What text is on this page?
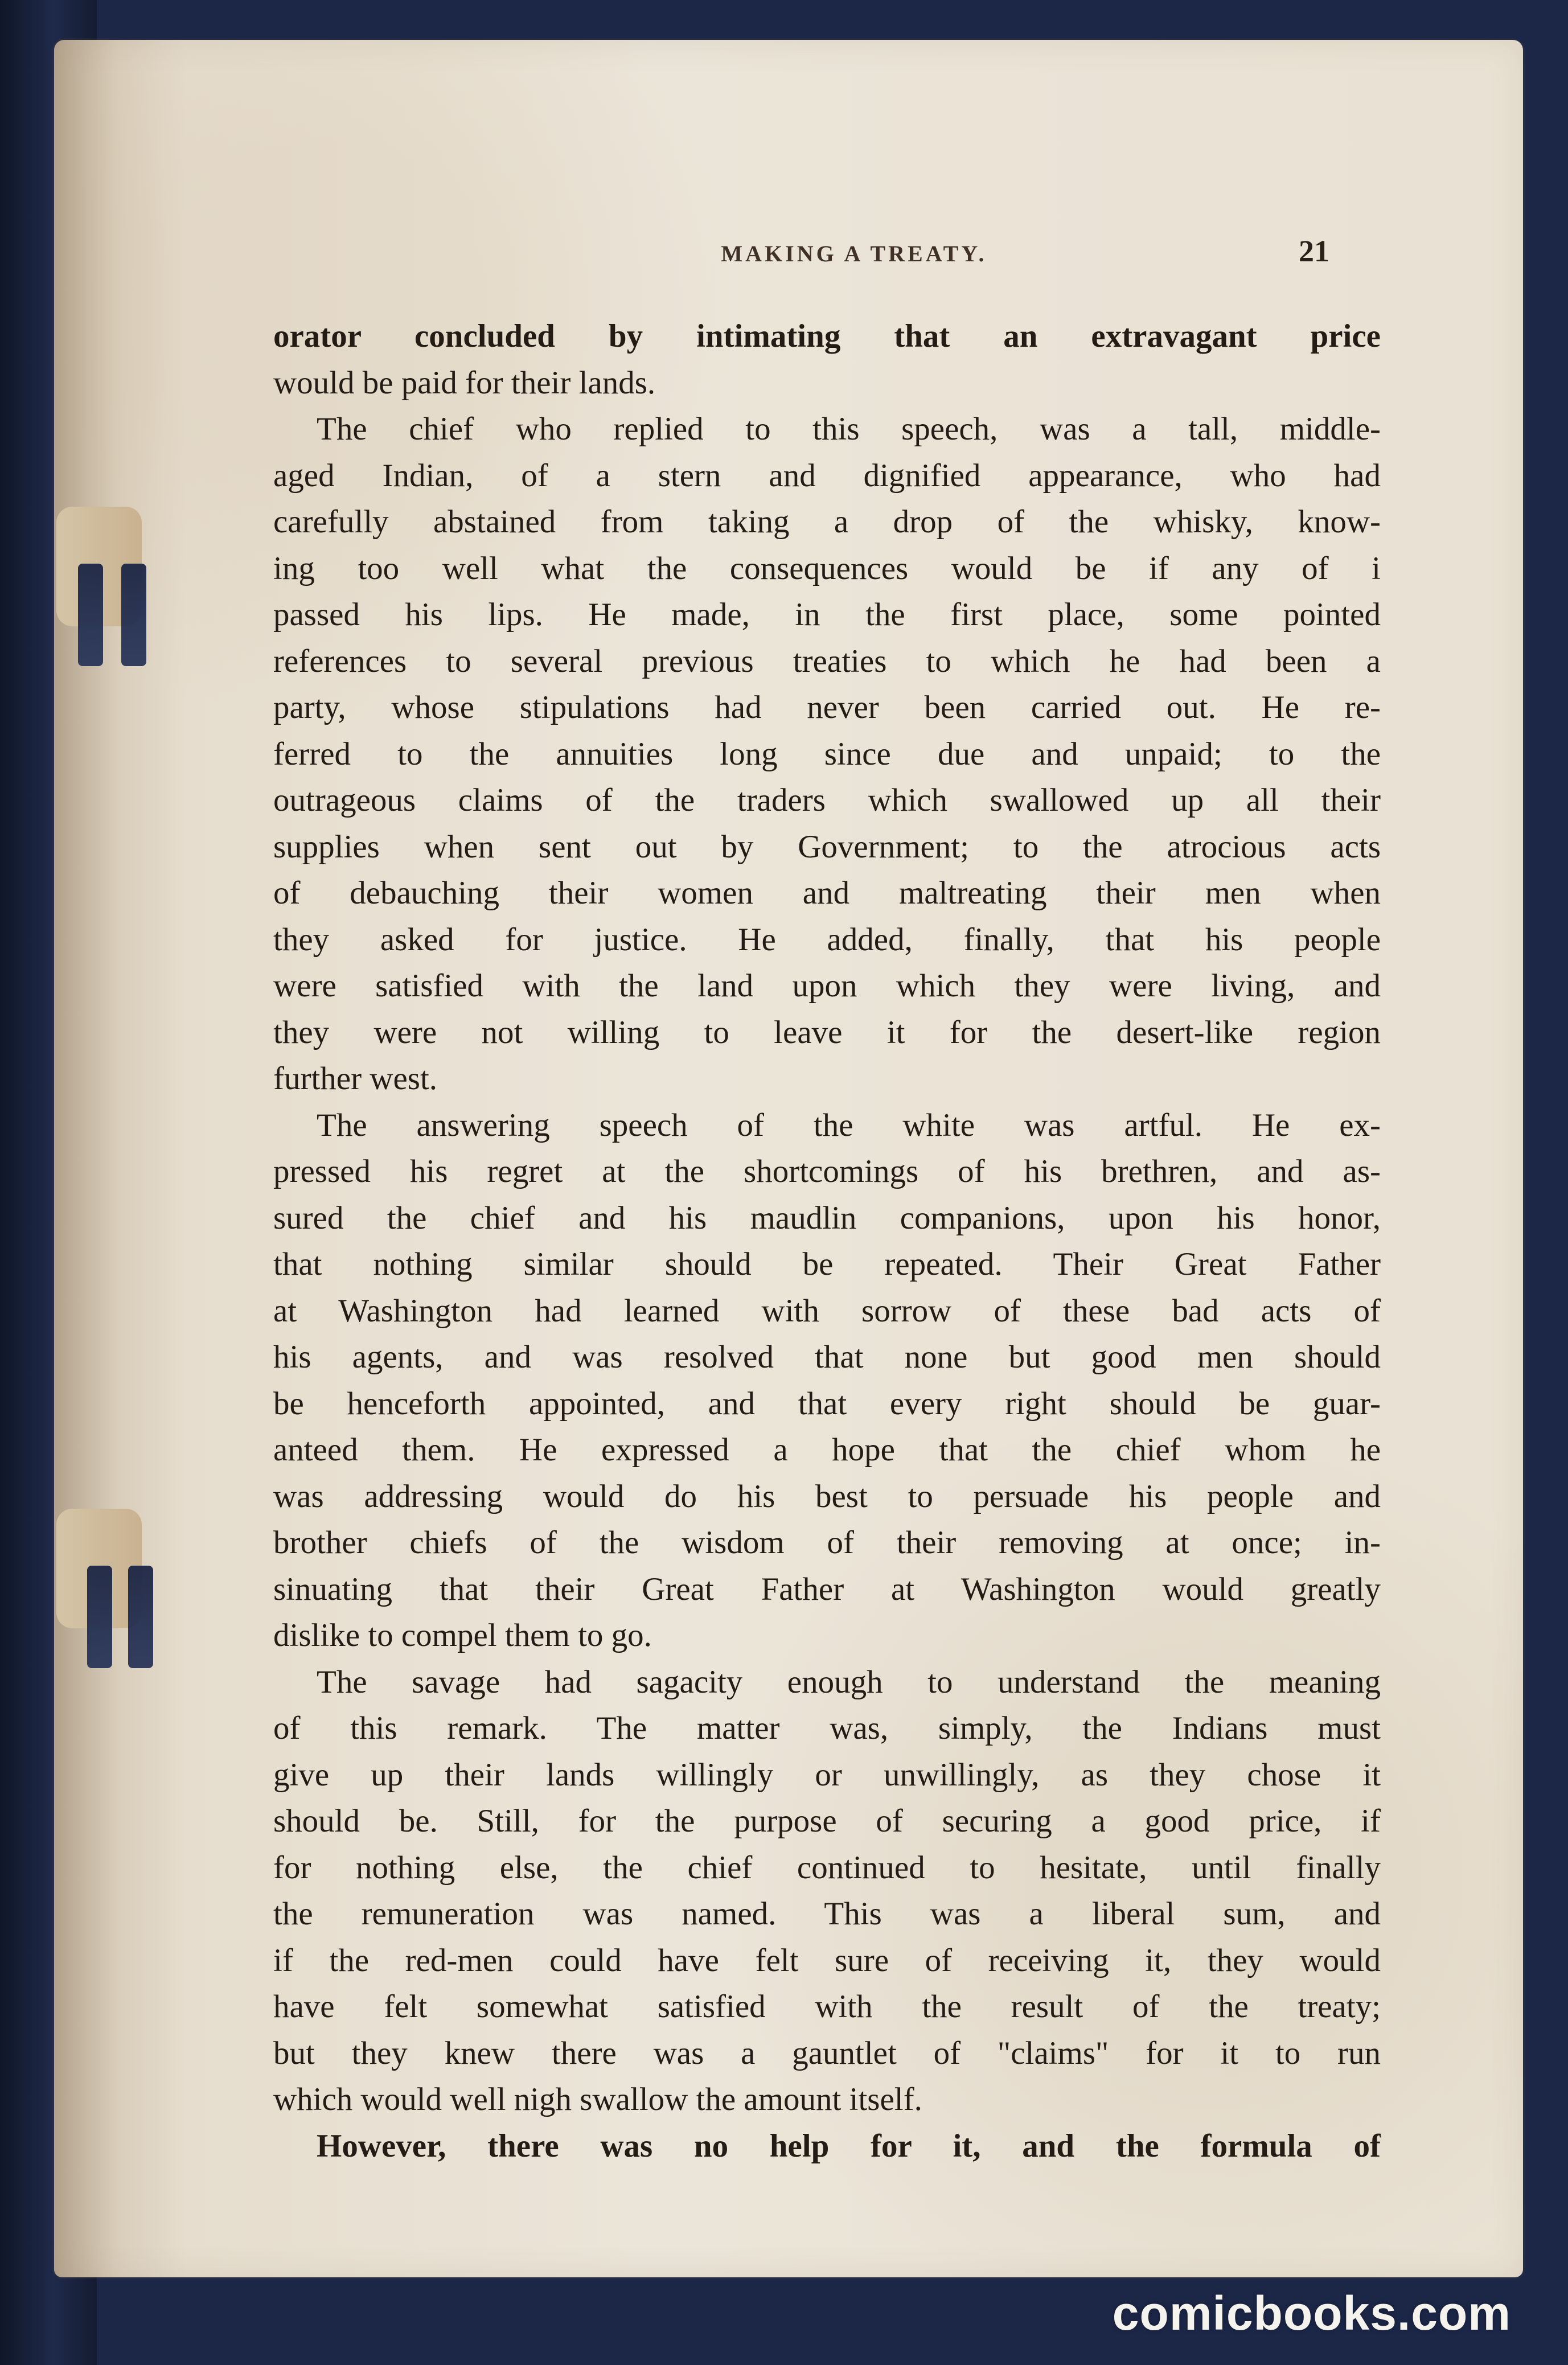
MAKING A TREATY.	21
orator concluded by intimating that an extravagant price
would be paid for their lands.
The chief who replied to this speech, was a tall, middle-
aged Indian, of a stern and dignified appearance, who had
carefully abstained from taking a drop of the whisky, know-
ing too well what the consequences would be if any of i
passed his lips. He made, in the first place, some pointed
references to several previous treaties to which he had been a
party, whose stipulations had never been carried out. He re-
ferred to the annuities long since due and unpaid; to the
outrageous claims of the traders which swallowed up all their
supplies when sent out by Government; to the atrocious acts
of debauching their women and maltreating their men when
they asked for justice. He added, finally, that his people
were satisfied with the land upon which they were living, and
they were not willing to leave it for the desert-like region
further west.
The answering speech of the white was artful. He ex-
pressed his regret at the shortcomings of his brethren, and as-
sured the chief and his maudlin companions, upon his honor,
that nothing similar should be repeated. Their Great Father
at Washington had learned with sorrow of these bad acts of
his agents, and was resolved that none but good men should
be henceforth appointed, and that every right should be guar-
anteed them. He expressed a hope that the chief whom he
was addressing would do his best to persuade his people and
brother chiefs of the wisdom of their removing at once; in-
sinuating that their Great Father at Washington would greatly
dislike to compel them to go.
The savage had sagacity enough to understand the meaning
of this remark. The matter was, simply, the Indians must
give up their lands willingly or unwillingly, as they chose it
should be. Still, for the purpose of securing a good price, if
for nothing else, the chief continued to hesitate, until finally
the remuneration was named. This was a liberal sum, and
if the red-men could have felt sure of receiving it, they would
have felt somewhat satisfied with the result of the treaty;
but they knew there was a gauntlet of "claims" for it to run
which would well nigh swallow the amount itself.
However, there was no help for it, and the formula of
comicbooks.com
